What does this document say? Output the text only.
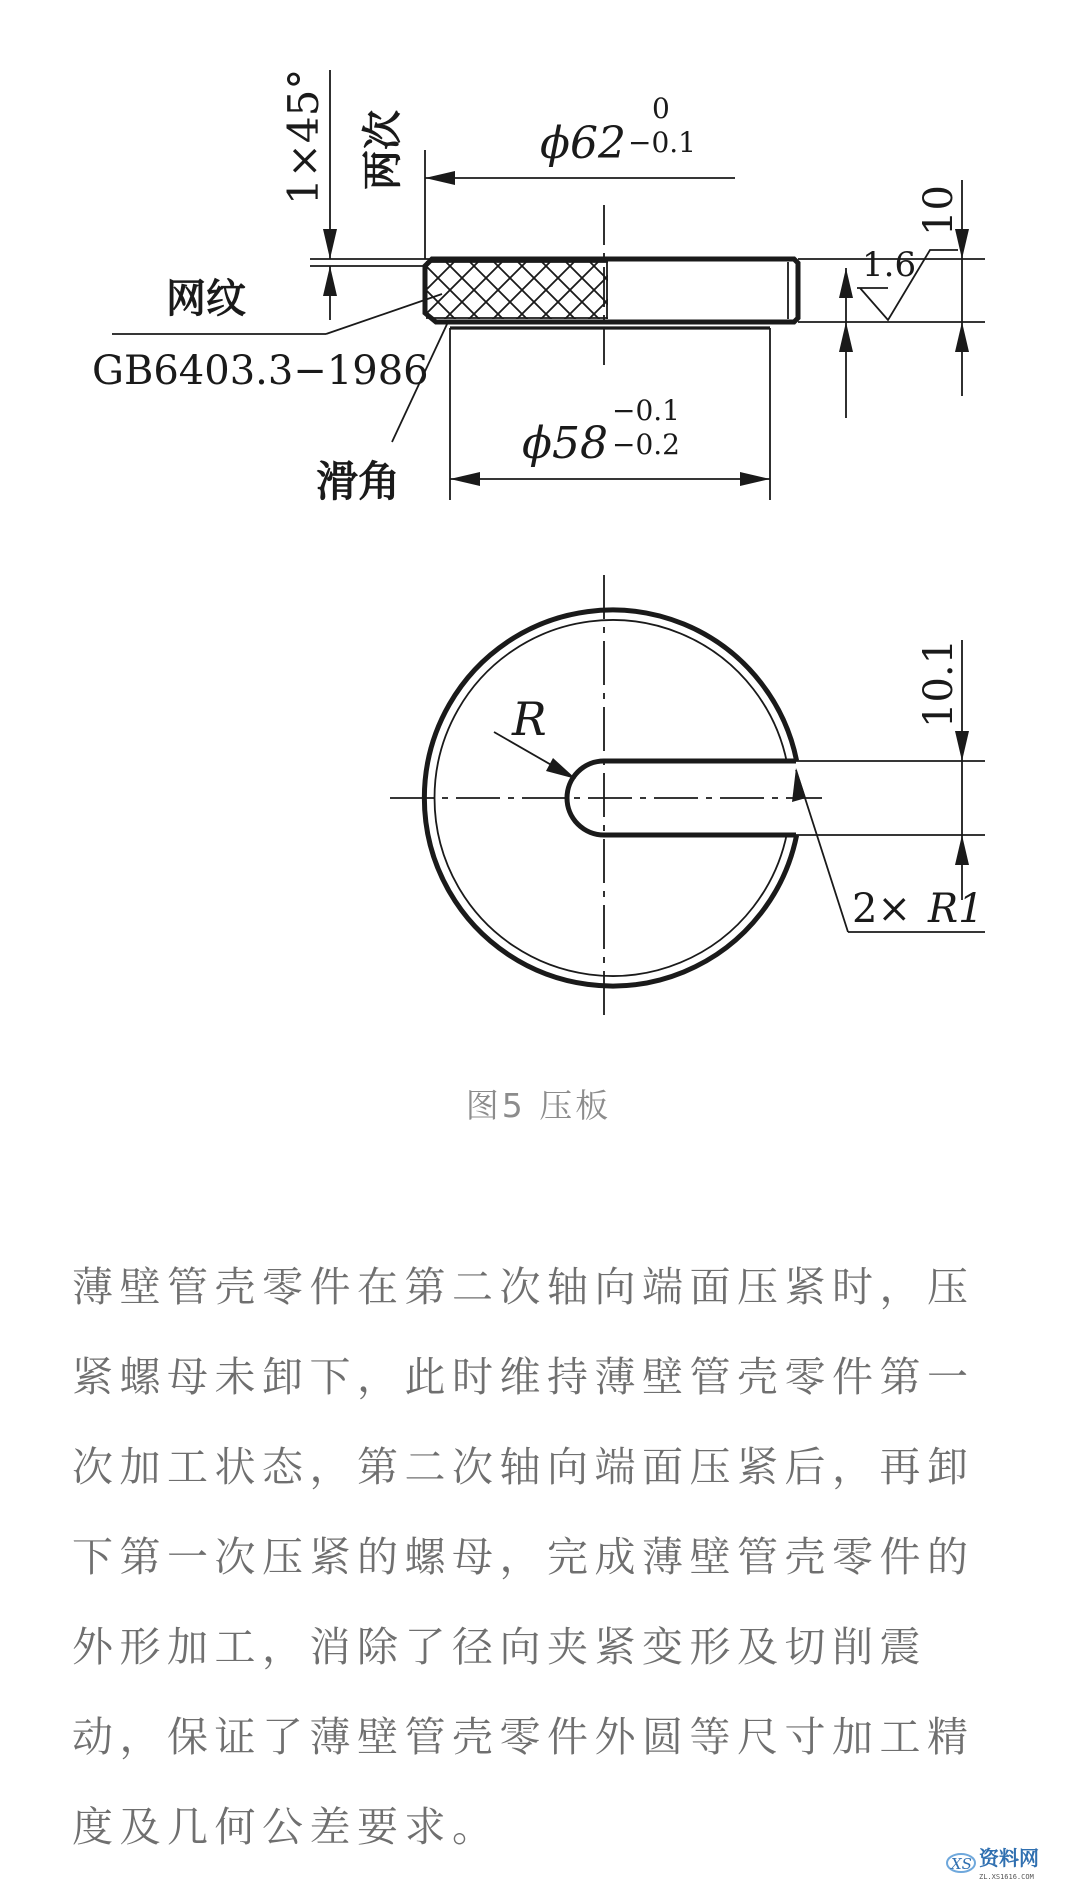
ϕ62
0
−0.1
1×45° 两次
网纹
GB6403.3−1986
滑角
ϕ58
−0.1
−0.2
1.6
10
R	10.1
2× R1
图5 压板

薄壁管壳零件在第二次轴向端面压紧时，压紧螺母未卸下，此时维持薄壁管壳零件第一次加工状态，第二次轴向端面压紧后，再卸下第一次压紧的螺母，完成薄壁管壳零件的外形加工，消除了径向夹紧变形及切削震动，保证了薄壁管壳零件外圆等尺寸加工精度及几何公差要求。

XS 资料网
ZL.XS1616.COM
